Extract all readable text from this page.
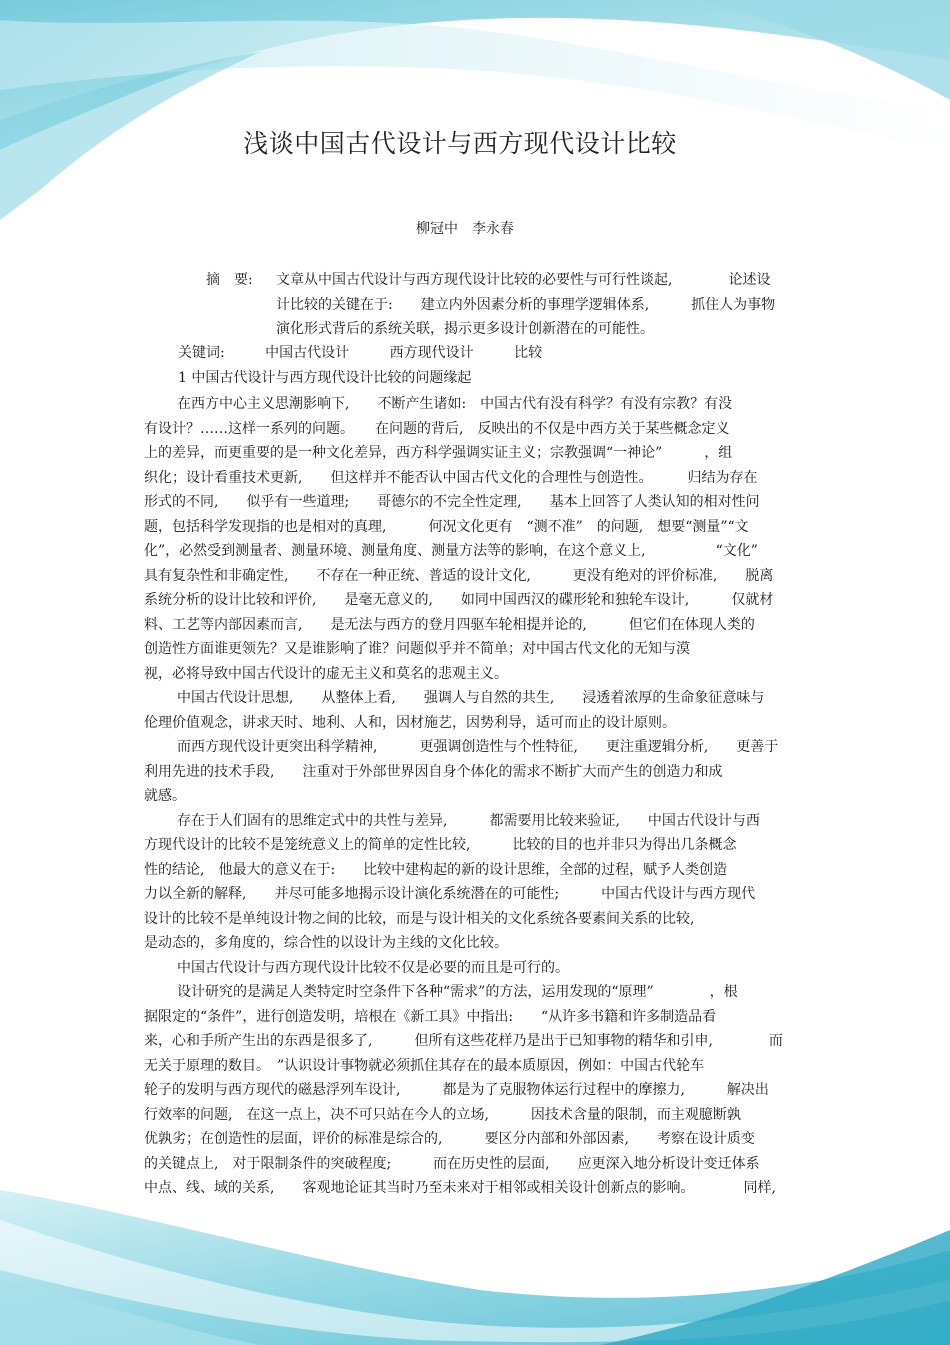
浅谈中国古代设计与西方现代设计比较
柳冠中　李永春
摘　要: 文章从中国古代设计与西方现代设计比较的必要性与可行性谈起,　　　　论述设
计比较的关键在于:　　建立内外因素分析的事理学逻辑体系,　　　抓住人为事物
演化形式背后的系统关联，揭示更多设计创新潜在的可能性。
关键词:	中国古代设计	西方现代设计	比较
1 中国古代设计与西方现代设计比较的问题缘起
在西方中心主义思潮影响下,　　不断产生诸如:　中国古代有没有科学？有没有宗教？有没
有设计？……这样一系列的问题。　　在问题的背后,　反映出的不仅是中西方关于某些概念定义
上的差异，而更重要的是一种文化差异，西方科学强调实证主义；宗教强调“一神论”　　　，组
织化；设计看重技术更新,　　但这样并不能否认中国古代文化的合理性与创造性。　　　归结为存在
形式的不同,　　似乎有一些道理;　　哥德尔的不完全性定理,　　基本上回答了人类认知的相对性问
题，包括科学发现指的也是相对的真理,　　　何况文化更有　“测不准”　的问题,　想要“测量”“文
化”，必然受到测量者、测量环境、测量角度、测量方法等的影响，在这个意义上,　　　　　“文化”
具有复杂性和非确定性,　　不存在一种正统、普适的设计文化,　　　更没有绝对的评价标准,　　脱离
系统分析的设计比较和评价,　　是毫无意义的,　　如同中国西汉的碟形轮和独轮车设计,　　　仅就材
料、工艺等内部因素而言,　　是无法与西方的登月四驱车轮相提并论的,　　　但它们在体现人类的
创造性方面谁更领先？又是谁影响了谁？问题似乎并不简单；对中国古代文化的无知与漠
视，必将导致中国古代设计的虚无主义和莫名的悲观主义。
中国古代设计思想,　　从整体上看,　　强调人与自然的共生,　　浸透着浓厚的生命象征意味与
伦理价值观念，讲求天时、地利、人和，因材施艺，因势利导，适可而止的设计原则。
而西方现代设计更突出科学精神,　　　更强调创造性与个性特征,　　更注重逻辑分析,　　更善于
利用先进的技术手段,　　注重对于外部世界因自身个体化的需求不断扩大而产生的创造力和成
就感。
存在于人们固有的思维定式中的共性与差异,　　　都需要用比较来验证,　　中国古代设计与西
方现代设计的比较不是笼统意义上的简单的定性比较,　　　比较的目的也并非只为得出几条概念
性的结论,　他最大的意义在于:　　比较中建构起的新的设计思维，全部的过程，赋予人类创造
力以全新的解释,　　并尽可能多地揭示设计演化系统潜在的可能性;　　　中国古代设计与西方现代
设计的比较不是单纯设计物之间的比较，而是与设计相关的文化系统各要素间关系的比较,
是动态的，多角度的，综合性的以设计为主线的文化比较。
中国古代设计与西方现代设计比较不仅是必要的而且是可行的。
设计研究的是满足人类特定时空条件下各种“需求”的方法，运用发现的“原理”　　　　，根
据限定的“条件”，进行创造发明，培根在《新工具》中指出:　　“从许多书籍和许多制造品看
来，心和手所产生出的东西是很多了,　　　但所有这些花样乃是出于已知事物的精华和引申,　　　　而
无关于原理的数目。　”认识设计事物就必须抓住其存在的最本质原因，例如：中国古代轮车
轮子的发明与西方现代的磁悬浮列车设计,　　　都是为了克服物体运行过程中的摩擦力,　　　解决出
行效率的问题,　在这一点上，决不可只站在今人的立场,　　　因技术含量的限制，而主观臆断孰
优孰劣；在创造性的层面，评价的标准是综合的,　　　要区分内部和外部因素,　　考察在设计质变
的关键点上,　对于限制条件的突破程度;　　　而在历史性的层面,　　应更深入地分析设计变迁体系
中点、线、域的关系,　　客观地论证其当时乃至未来对于相邻或相关设计创新点的影响。　　　　同样,
